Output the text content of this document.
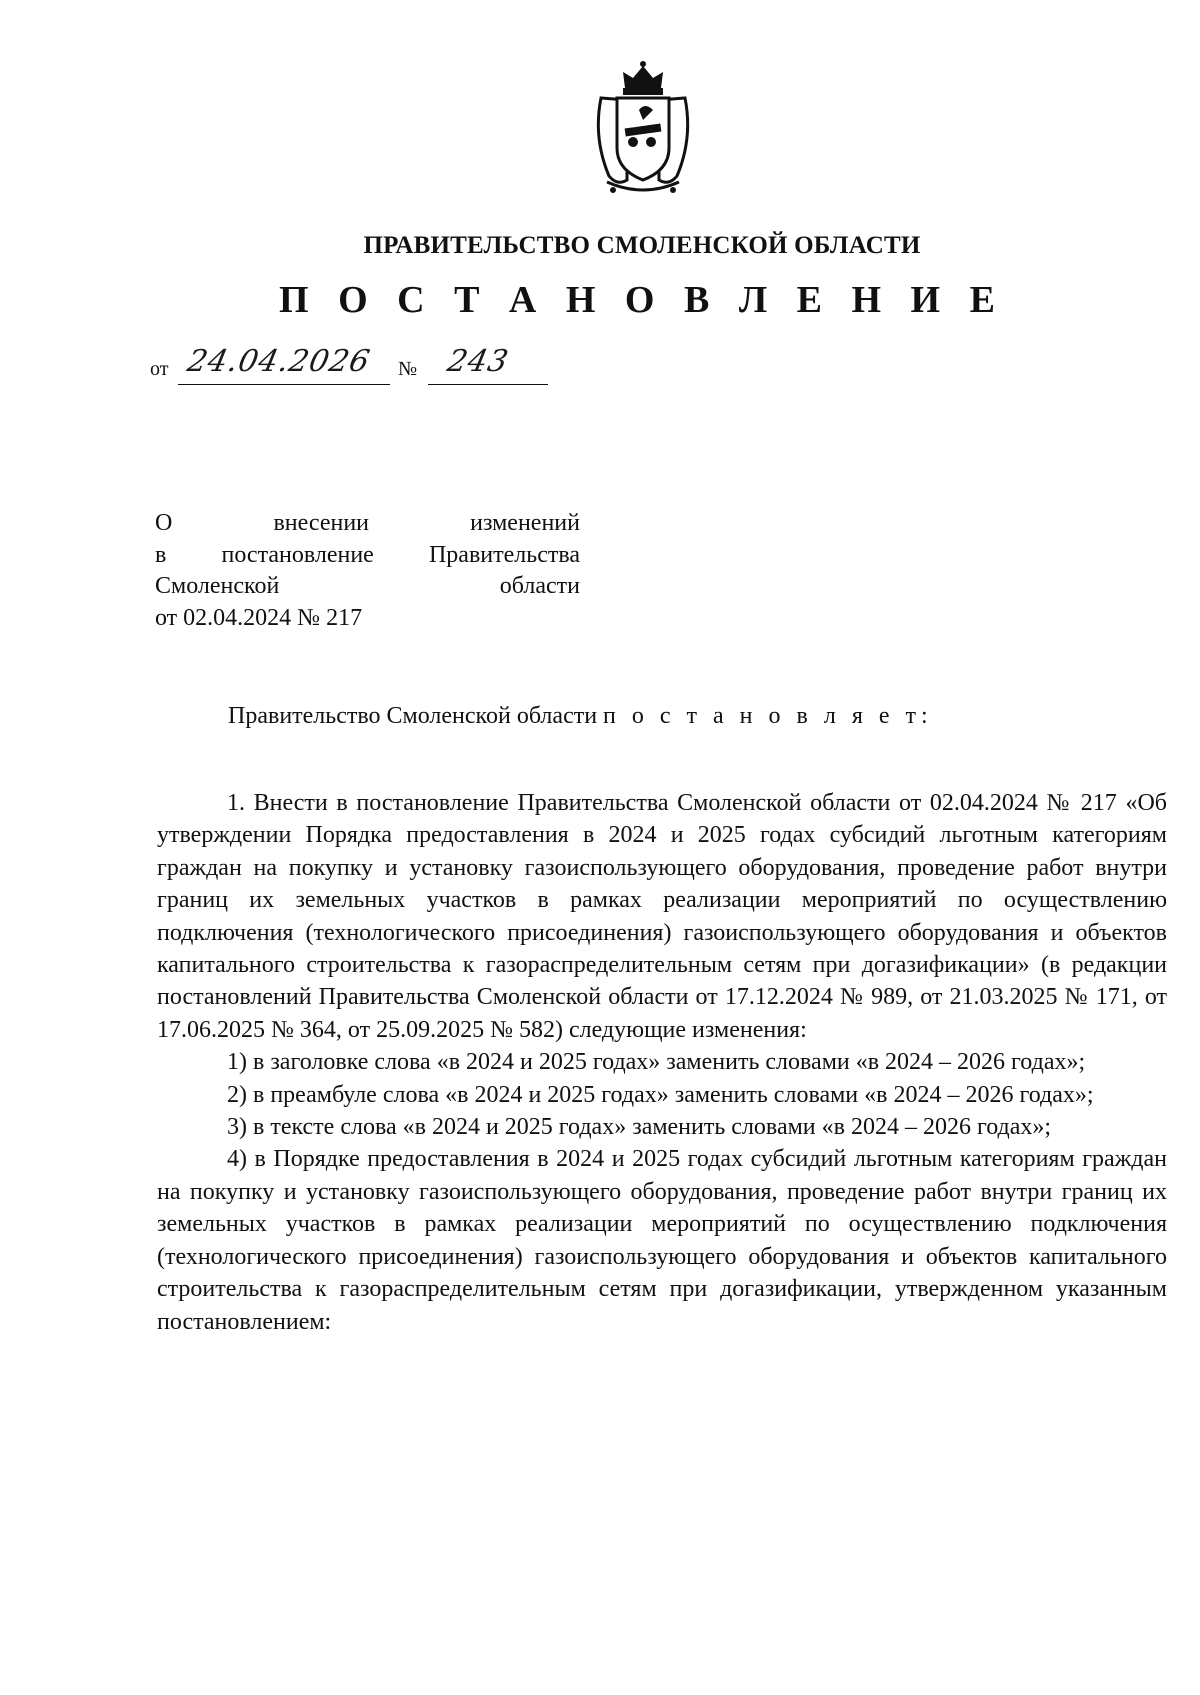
ПРАВИТЕЛЬСТВО СМОЛЕНСКОЙ ОБЛАСТИ
П О С Т А Н О В Л Е Н И Е
от 24.04.2026 № 243

О внесении изменений

в постановление Правительства

Смоленской области

от 02.04.2024 № 217

Правительство Смоленской области п о с т а н о в л я е т:

1. Внести в постановление Правительства Смоленской области от 02.04.2024 № 217 «Об утверждении Порядка предоставления в 2024 и 2025 годах субсидий льготным категориям граждан на покупку и установку газоиспользующего оборудования, проведение работ внутри границ их земельных участков в рамках реализации мероприятий по осуществлению подключения (технологического присоединения) газоиспользующего оборудования и объектов капитального строительства к газораспределительным сетям при догазификации» (в редакции постановлений Правительства Смоленской области от 17.12.2024 № 989, от 21.03.2025 № 171, от 17.06.2025 № 364, от 25.09.2025 № 582) следующие изменения:

1) в заголовке слова «в 2024 и 2025 годах» заменить словами «в 2024 – 2026 годах»;

2) в преамбуле слова «в 2024 и 2025 годах» заменить словами «в 2024 – 2026 годах»;

3) в тексте слова «в 2024 и 2025 годах» заменить словами «в 2024 – 2026 годах»;

4) в Порядке предоставления в 2024 и 2025 годах субсидий льготным категориям граждан на покупку и установку газоиспользующего оборудования, проведение работ внутри границ их земельных участков в рамках реализации мероприятий по осуществлению подключения (технологического присоединения) газоиспользующего оборудования и объектов капитального строительства к газораспределительным сетям при догазификации, утвержденном указанным постановлением:
